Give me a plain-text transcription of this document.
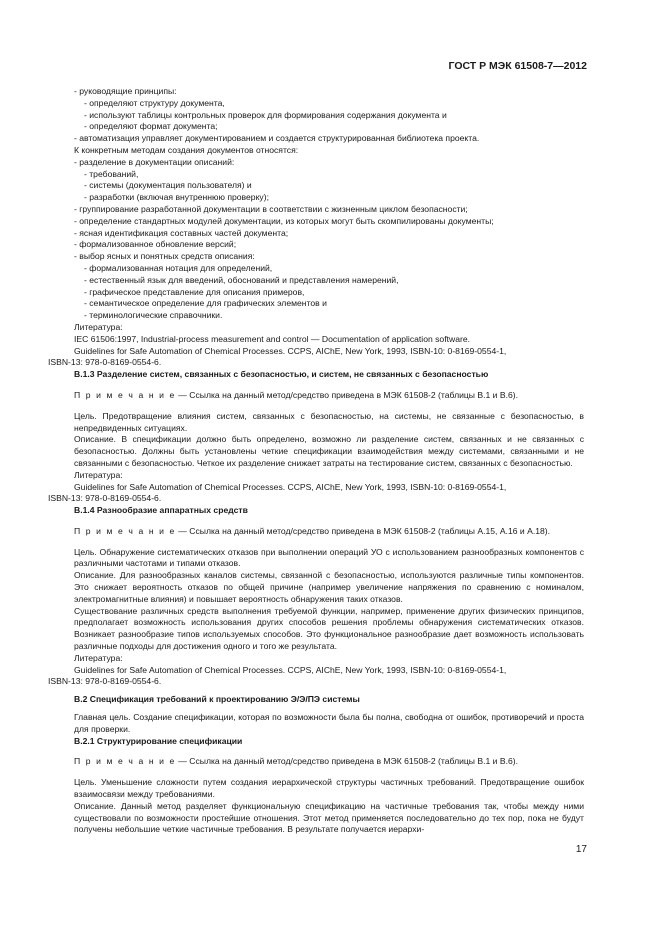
ГОСТ Р МЭК 61508-7—2012

- руководящие принципы:

- определяют структуру документа,

- используют таблицы контрольных проверок для формирования содержания документа и

- определяют формат документа;

- автоматизация управляет документированием и создается структурированная библиотека проекта.

К конкретным методам создания документов относятся:

- разделение в документации описаний:

- требований,

- системы (документация пользователя) и

- разработки (включая внутреннюю проверку);

- группирование разработанной документации в соответствии с жизненным циклом безопасности;

- определение стандартных модулей документации, из которых могут быть скомпилированы документы;

- ясная идентификация составных частей документа;

- формализованное обновление версий;

- выбор ясных и понятных средств описания:

- формализованная нотация для определений,

- естественный язык для введений, обоснований и представления намерений,

- графическое представление для описания примеров,

- семантическое определение для графических элементов и

- терминологические справочники.

Литература:

IEC 61506:1997, Industrial-process measurement and control — Documentation of application software.

Guidelines for Safe Automation of Chemical Processes. CCPS, AIChE, New York, 1993, ISBN-10: 0-8169-0554-1,

ISBN-13: 978-0-8169-0554-6.

B.1.3 Разделение систем, связанных с безопасностью, и систем, не связанных с безопасностью

П р и м е ч а н и е — Ссылка на данный метод/средство приведена в МЭК 61508-2 (таблицы В.1 и В.6).

Цель. Предотвращение влияния систем, связанных с безопасностью, на системы, не связанные с безопасностью, в непредвиденных ситуациях.

Описание. В спецификации должно быть определено, возможно ли разделение систем, связанных и не связанных с безопасностью. Должны быть установлены четкие спецификации взаимодействия между системами, связанными и не связанными с безопасностью. Четкое их разделение снижает затраты на тестирование систем, связанных с безопасностью.

Литература:

Guidelines for Safe Automation of Chemical Processes. CCPS, AIChE, New York, 1993, ISBN-10: 0-8169-0554-1,

ISBN-13: 978-0-8169-0554-6.

B.1.4 Разнообразие аппаратных средств

П р и м е ч а н и е — Ссылка на данный метод/средство приведена в МЭК 61508-2 (таблицы А.15, А.16 и А.18).

Цель. Обнаружение систематических отказов при выполнении операций УО с использованием разнообразных компонентов с различными частотами и типами отказов.

Описание. Для разнообразных каналов системы, связанной с безопасностью, используются различные типы компонентов. Это снижает вероятность отказов по общей причине (например увеличение напряжения по сравнению с номиналом, электромагнитные влияния) и повышает вероятность обнаружения таких отказов.

Существование различных средств выполнения требуемой функции, например, применение других физических принципов, предполагает возможность использования других способов решения проблемы обнаружения систематических отказов. Возникает разнообразие типов используемых способов. Это функциональное разнообразие дает возможность использовать различные подходы для достижения одного и того же результата.

Литература:

Guidelines for Safe Automation of Chemical Processes. CCPS, AIChE, New York, 1993, ISBN-10: 0-8169-0554-1,

ISBN-13: 978-0-8169-0554-6.

B.2 Спецификация требований к проектированию Э/Э/ПЭ системы

Главная цель. Создание спецификации, которая по возможности была бы полна, свободна от ошибок, противоречий и проста для проверки.

B.2.1 Структурирование спецификации

П р и м е ч а н и е — Ссылка на данный метод/средство приведена в МЭК 61508-2 (таблицы В.1 и В.6).

Цель. Уменьшение сложности путем создания иерархической структуры частичных требований. Предотвращение ошибок взаимосвязи между требованиями.

Описание. Данный метод разделяет функциональную спецификацию на частичные требования так, чтобы между ними существовали по возможности простейшие отношения. Этот метод применяется последовательно до тех пор, пока не будут получены небольшие четкие частичные требования. В результате получается иерархи-

17
